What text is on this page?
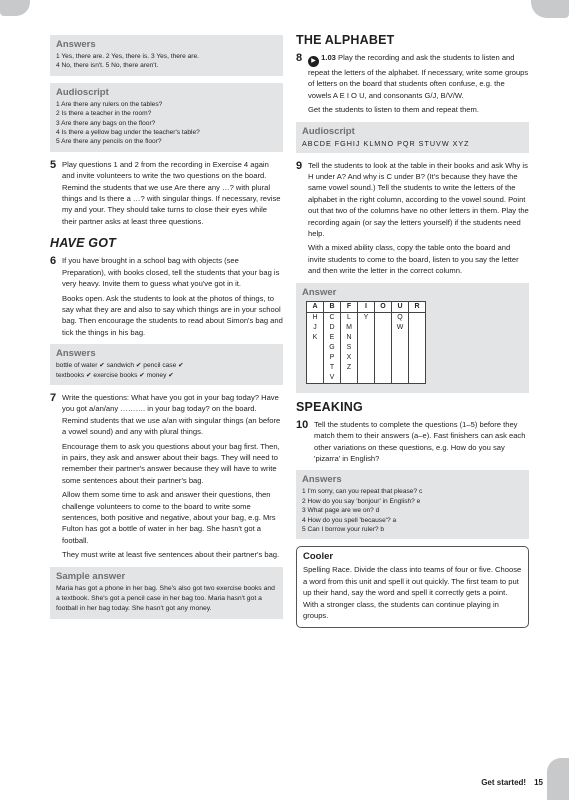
Answers
1 Yes, there are. 2 Yes, there is. 3 Yes, there are.
4 No, there isn't. 5 No, there aren't.
Audioscript
1 Are there any rulers on the tables?
2 Is there a teacher in the room?
3 Are there any bags on the floor?
4 Is there a yellow bag under the teacher's table?
5 Are there any pencils on the floor?
5 Play questions 1 and 2 from the recording in Exercise 4 again and invite volunteers to write the two questions on the board. Remind the students that we use Are there any …? with plural things and Is there a …? with singular things. If necessary, revise my and your. They should take turns to close their eyes while their partner asks at least three questions.

HAVE GOT
6 If you have brought in a school bag with objects (see Preparation), with books closed, tell the students that your bag is very heavy. Invite them to guess what you've got in it.

Books open. Ask the students to look at the photos of things, to say what they are and also to say which things are in your school bag. Then encourage the students to read about Simon's bag and tick the things in his bag.

Answers
bottle of water ✔ sandwich ✔ pencil case ✔
textbooks ✔ exercise books ✔ money ✔
7 Write the questions: What have you got in your bag today? Have you got a/an/any ………. in your bag today? on the board. Remind students that we use a/an with singular things (an before a vowel sound) and any with plural things.

Encourage them to ask you questions about your bag first. Then, in pairs, they ask and answer about their bags. They will need to remember their partner's answer because they will have to write some sentences about their partner's bag.

Allow them some time to ask and answer their questions, then challenge volunteers to come to the board to write some sentences, both positive and negative, about your bag, e.g. Mrs Fulton has got a bottle of water in her bag. She hasn't got a football.

They must write at least five sentences about their partner's bag.

Sample answer
Maria has got a phone in her bag. She's also got two exercise books and a textbook. She's got a pencil case in her bag too. Maria hasn't got a football in her bag today. She hasn't got any money.
THE ALPHABET
8	▶ 1.03 Play the recording and ask the students to listen and repeat the letters of the alphabet. If necessary, write some groups of letters on the board that students often confuse, e.g. the vowels A E I O U, and consonants G/J, B/V/W.

Get the students to listen to them and repeat them.

Audioscript
ABCDE FGHIJ KLMNO PQR STUVW XYZ
9 Tell the students to look at the table in their books and ask Why is H under A? And why is C under B? (It's because they have the same vowel sound.) Tell the students to write the letters of the alphabet in the right column, according to the vowel sound. Point out that two of the columns have no other letters in them. Play the recording again (or say the letters yourself) if the students need help.

With a mixed ability class, copy the table onto the board and invite students to come to the board, listen to you say the letter and then write the letter in the correct column.

Answer
A	B	F	I	O	U	R
H	C	L	Y		Q	
J	D	M			W	
K	E	N				
	G	S				
	P	X				
	T	Z				
	V					
SPEAKING
10 Tell the students to complete the questions (1–5) before they match them to their answers (a–e). Fast finishers can ask each other variations on these questions, e.g. How do you say 'pizarra' in English?

Answers
1 I'm sorry, can you repeat that please? c
2 How do you say 'bonjour' in English? e
3 What page are we on? d
4 How do you spell 'because'? a
5 Can I borrow your ruler? b
Cooler
Spelling Race. Divide the class into teams of four or five. Choose a word from this unit and spell it out quickly. The first team to put up their hand, say the word and spell it correctly gets a point. With a stronger class, the students can continue playing in groups.
Get started! 15
